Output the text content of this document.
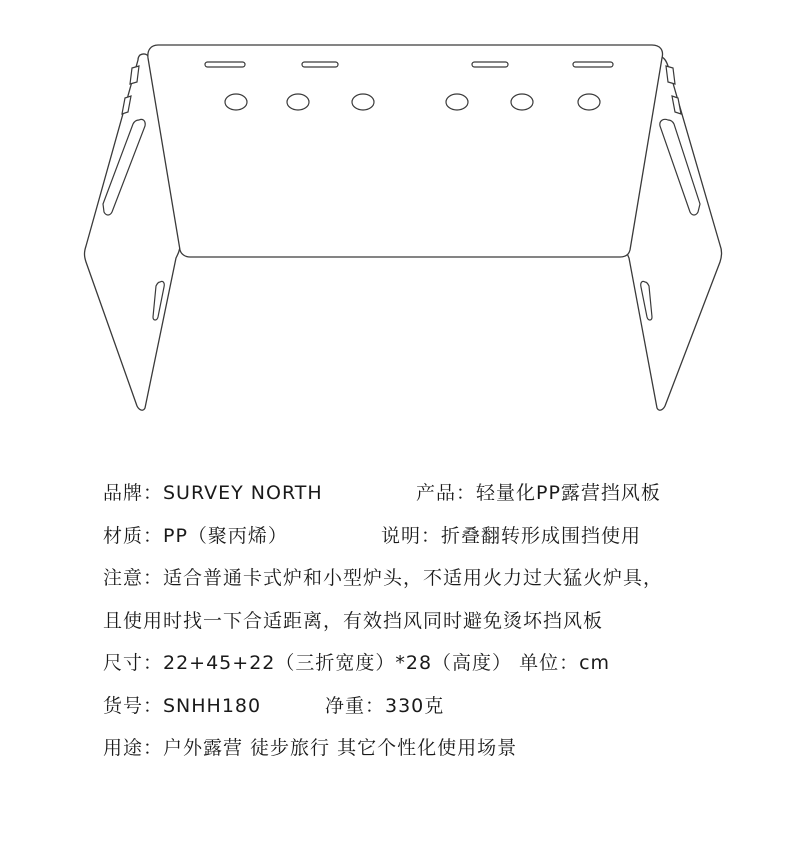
品牌：SURVEY NORTH	产品：轻量化PP露营挡风板
材质：PP（聚丙烯）	说明：折叠翻转形成围挡使用
注意：适合普通卡式炉和小型炉头，不适用火力过大猛火炉具，
且使用时找一下合适距离，有效挡风同时避免烫坏挡风板
尺寸：22+45+22（三折宽度）*28（高度） 单位：cm
货号：SNHH180	净重：330克
用途：户外露营 徒步旅行 其它个性化使用场景
